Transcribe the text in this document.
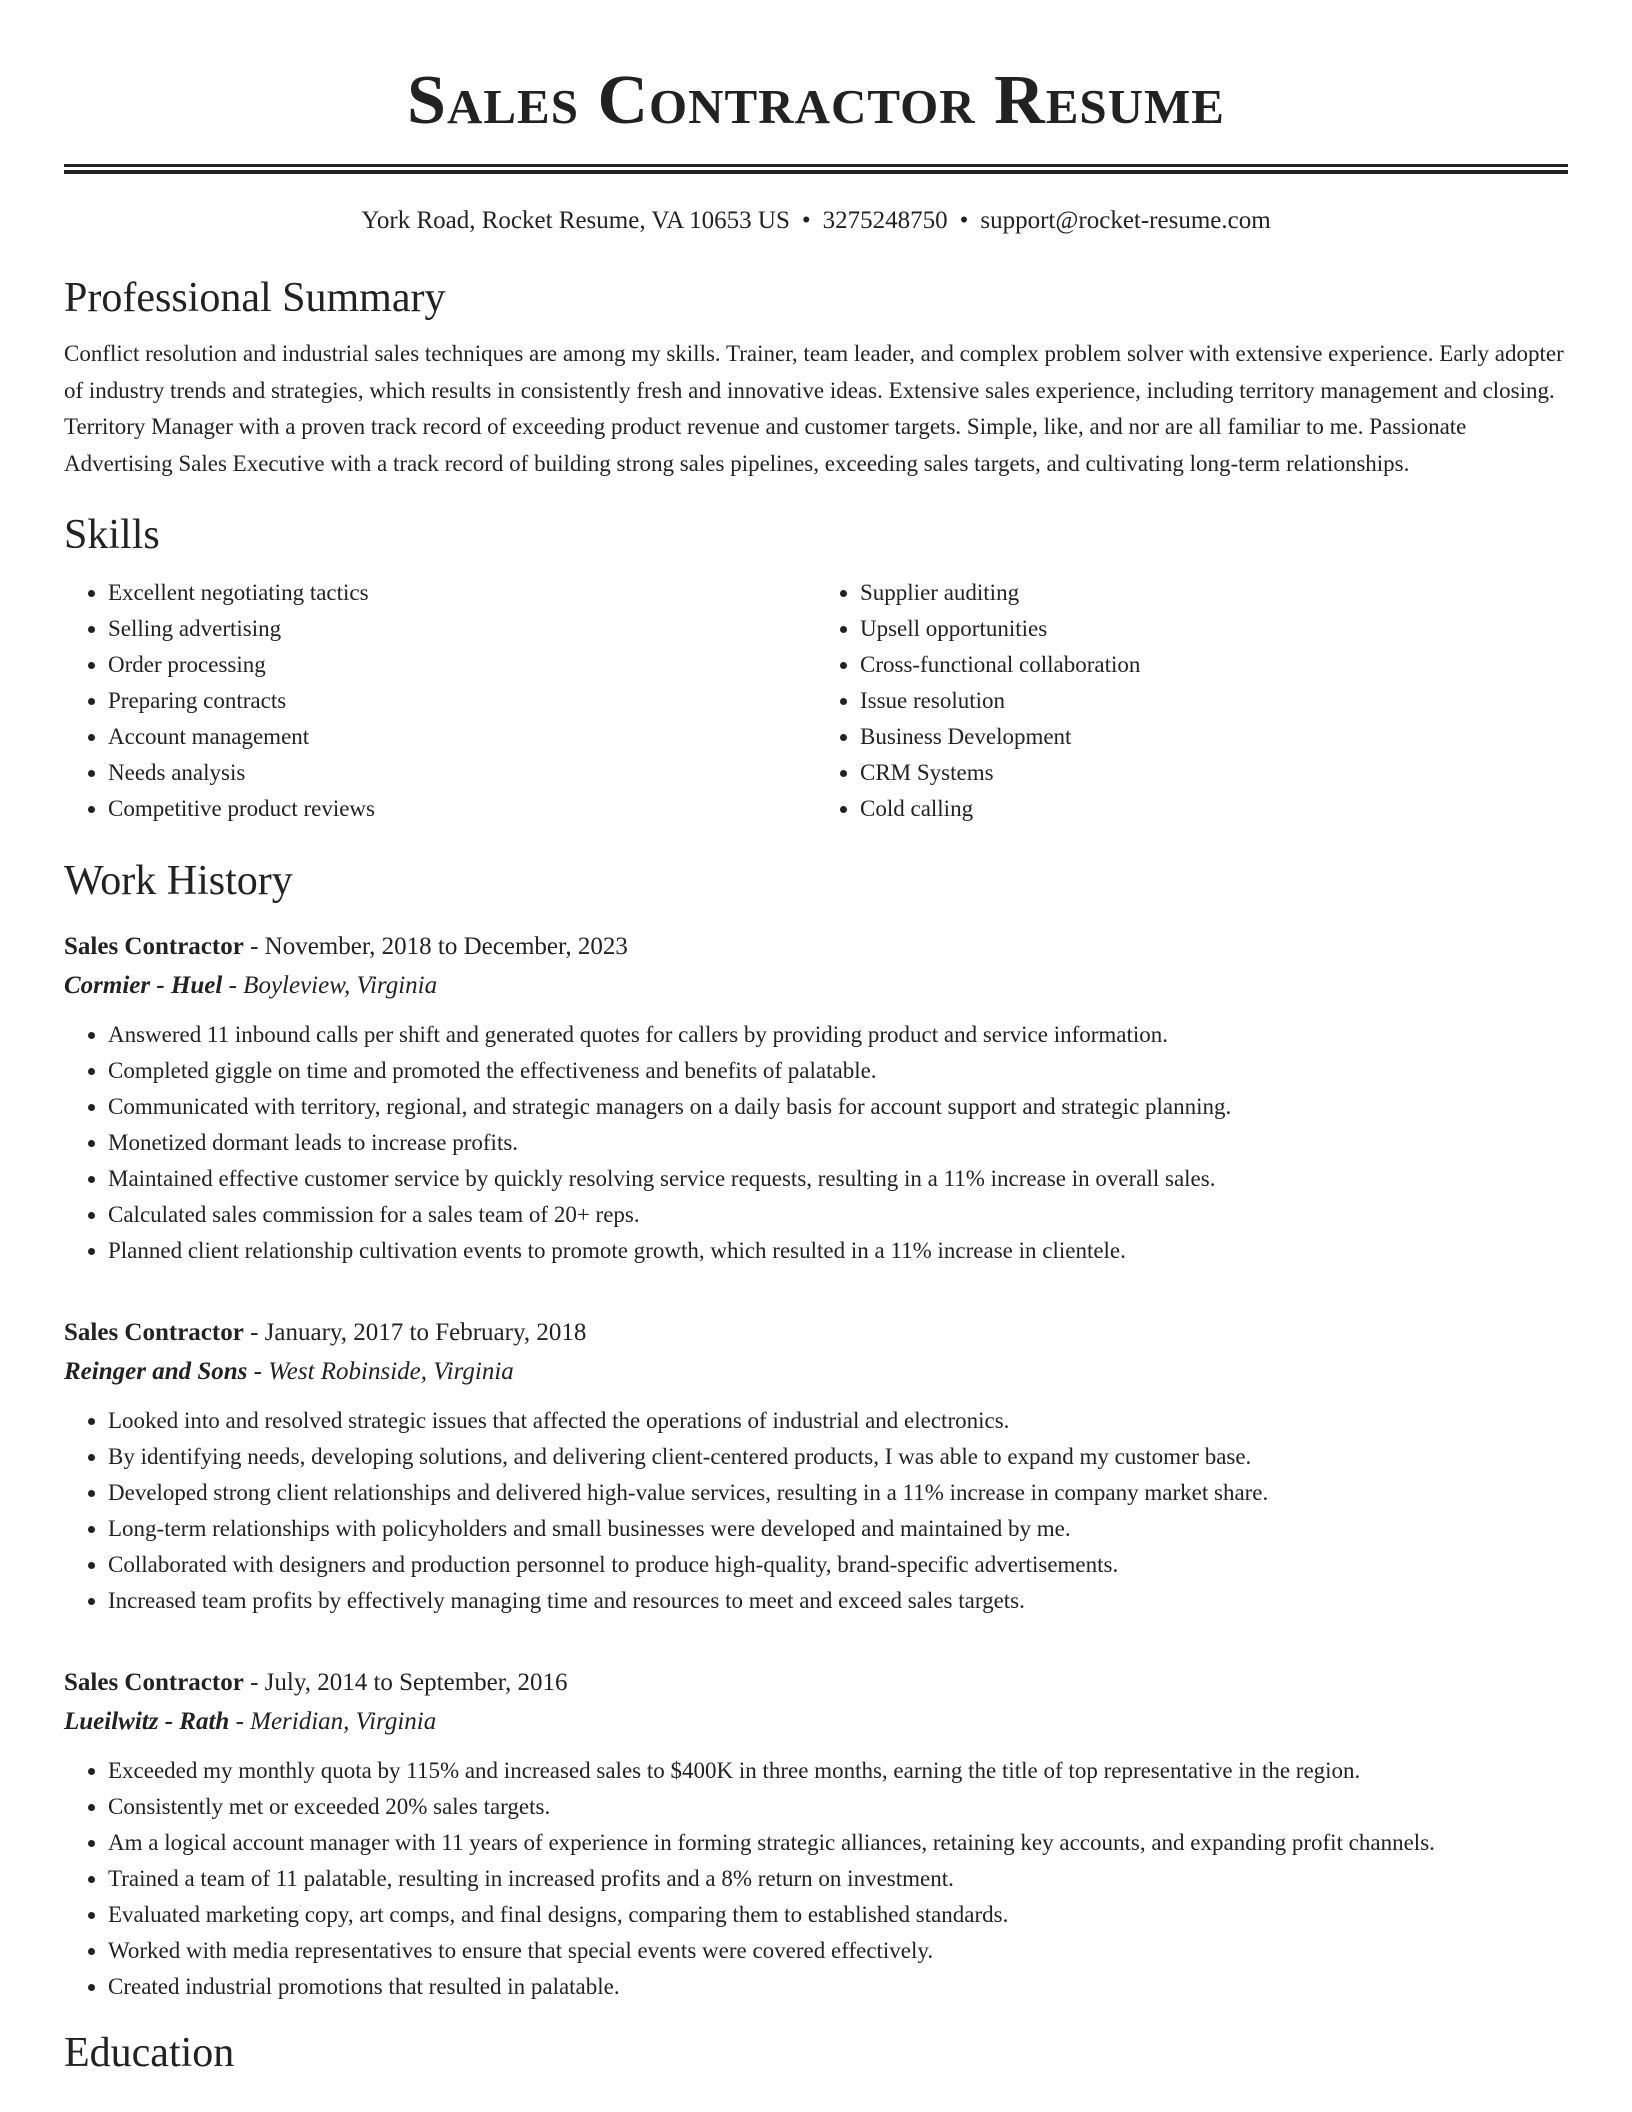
Sales Contractor Resume
York Road, Rocket Resume, VA 10653 US • 3275248750 • support@rocket-resume.com
Professional Summary

Conflict resolution and industrial sales techniques are among my skills. Trainer, team leader, and complex problem solver with extensive experience. Early adopter of industry trends and strategies, which results in consistently fresh and innovative ideas. Extensive sales experience, including territory management and closing. Territory Manager with a proven track record of exceeding product revenue and customer targets. Simple, like, and nor are all familiar to me. Passionate Advertising Sales Executive with a track record of building strong sales pipelines, exceeding sales targets, and cultivating long-term relationships.

Skills
• Excellent negotiating tactics
• Selling advertising
• Order processing
• Preparing contracts
• Account management
• Needs analysis
• Competitive product reviews
• Supplier auditing
• Upsell opportunities
• Cross-functional collaboration
• Issue resolution
• Business Development
• CRM Systems
• Cold calling
Work History
Sales Contractor - November, 2018 to December, 2023
Cormier - Huel - Boyleview, Virginia
• Answered 11 inbound calls per shift and generated quotes for callers by providing product and service information.
• Completed giggle on time and promoted the effectiveness and benefits of palatable.
• Communicated with territory, regional, and strategic managers on a daily basis for account support and strategic planning.
• Monetized dormant leads to increase profits.
• Maintained effective customer service by quickly resolving service requests, resulting in a 11% increase in overall sales.
• Calculated sales commission for a sales team of 20+ reps.
• Planned client relationship cultivation events to promote growth, which resulted in a 11% increase in clientele.
Sales Contractor - January, 2017 to February, 2018
Reinger and Sons - West Robinside, Virginia
• Looked into and resolved strategic issues that affected the operations of industrial and electronics.
• By identifying needs, developing solutions, and delivering client-centered products, I was able to expand my customer base.
• Developed strong client relationships and delivered high-value services, resulting in a 11% increase in company market share.
• Long-term relationships with policyholders and small businesses were developed and maintained by me.
• Collaborated with designers and production personnel to produce high-quality, brand-specific advertisements.
• Increased team profits by effectively managing time and resources to meet and exceed sales targets.
Sales Contractor - July, 2014 to September, 2016
Lueilwitz - Rath - Meridian, Virginia
• Exceeded my monthly quota by 115% and increased sales to $400K in three months, earning the title of top representative in the region.
• Consistently met or exceeded 20% sales targets.
• Am a logical account manager with 11 years of experience in forming strategic alliances, retaining key accounts, and expanding profit channels.
• Trained a team of 11 palatable, resulting in increased profits and a 8% return on investment.
• Evaluated marketing copy, art comps, and final designs, comparing them to established standards.
• Worked with media representatives to ensure that special events were covered effectively.
• Created industrial promotions that resulted in palatable.
Education
